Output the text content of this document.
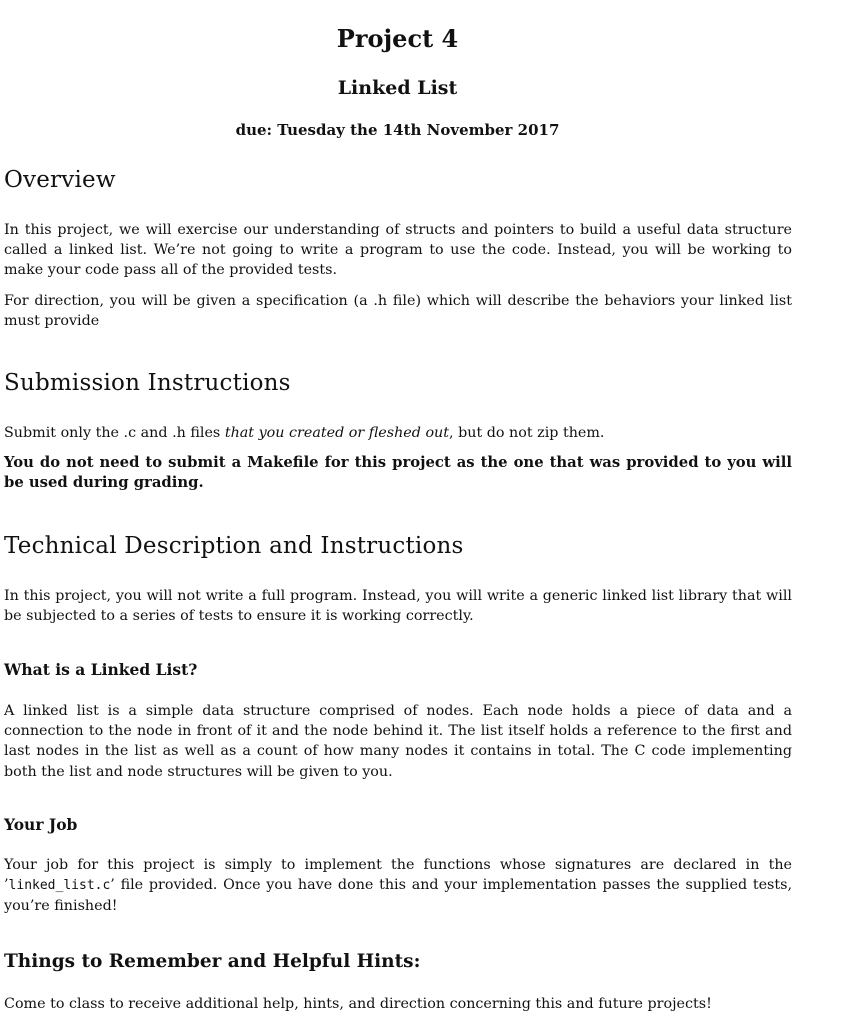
Project 4
Linked List
due: Tuesday the 14th November 2017
Overview

In this project, we will exercise our understanding of structs and pointers to build a useful data structure called a linked list. We’re not going to write a program to use the code. Instead, you will be working to make your code pass all of the provided tests.

For direction, you will be given a specification (a .h file) which will describe the behaviors your linked list must provide

Submission Instructions

Submit only the .c and .h files that you created or fleshed out, but do not zip them.

You do not need to submit a Makefile for this project as the one that was provided to you will be used during grading.

Technical Description and Instructions

In this project, you will not write a full program. Instead, you will write a generic linked list library that will be subjected to a series of tests to ensure it is working correctly.

What is a Linked List?

A linked list is a simple data structure comprised of nodes. Each node holds a piece of data and a connection to the node in front of it and the node behind it. The list itself holds a reference to the first and last nodes in the list as well as a count of how many nodes it contains in total. The C code implementing both the list and node structures will be given to you.

Your Job

Your job for this project is simply to implement the functions whose signatures are declared in the ’linked_list.c’ file provided. Once you have done this and your implementation passes the supplied tests, you’re finished!

Things to Remember and Helpful Hints:

Come to class to receive additional help, hints, and direction concerning this and future projects!
